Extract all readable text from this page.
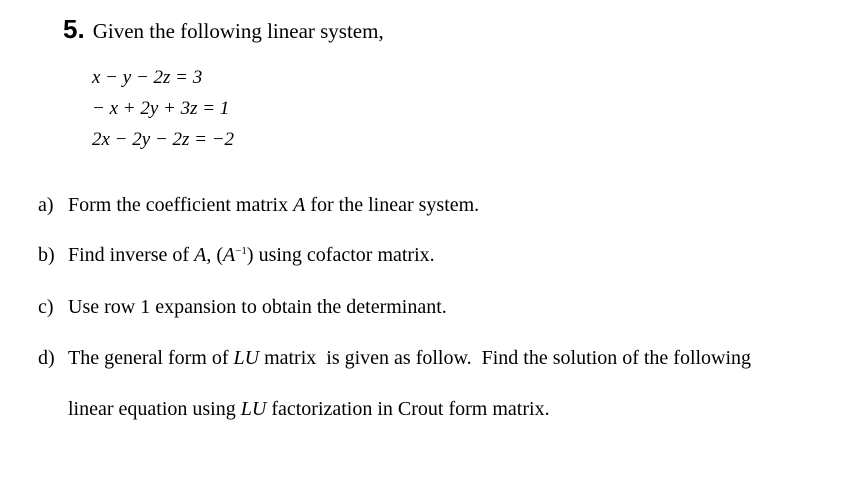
5. Given the following linear system,
x − y − 2z = 3
− x + 2y + 3z = 1
2x − 2y − 2z = −2
a) Form the coefficient matrix A for the linear system.
b) Find inverse of A, $(A^{-1})$ using cofactor matrix.
c) Use row 1 expansion to obtain the determinant.
d) The general form of LU matrix  is given as follow.  Find the solution of the following
linear equation using LU factorization in Crout form matrix.
